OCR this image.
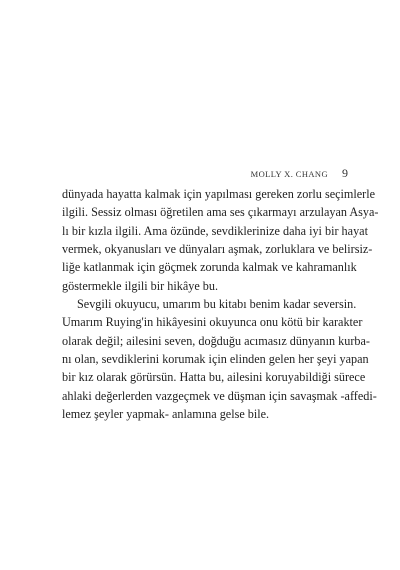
MOLLY X. CHANG 9
dünyada hayatta kalmak için yapılması gereken zorlu seçimlerle
ilgili. Sessiz olması öğretilen ama ses çıkarmayı arzulayan Asya-
lı bir kızla ilgili. Ama özünde, sevdiklerinize daha iyi bir hayat
vermek, okyanusları ve dünyaları aşmak, zorluklara ve belirsiz-
liğe katlanmak için göçmek zorunda kalmak ve kahramanlık
göstermekle ilgili bir hikâye bu.
Sevgili okuyucu, umarım bu kitabı benim kadar seversin.
Umarım Ruying'in hikâyesini okuyunca onu kötü bir karakter
olarak değil; ailesini seven, doğduğu acımasız dünyanın kurba-
nı olan, sevdiklerini korumak için elinden gelen her şeyi yapan
bir kız olarak görürsün. Hatta bu, ailesini koruyabildiği sürece
ahlaki değerlerden vazgeçmek ve düşman için savaşmak -affedi-
lemez şeyler yapmak- anlamına gelse bile.
